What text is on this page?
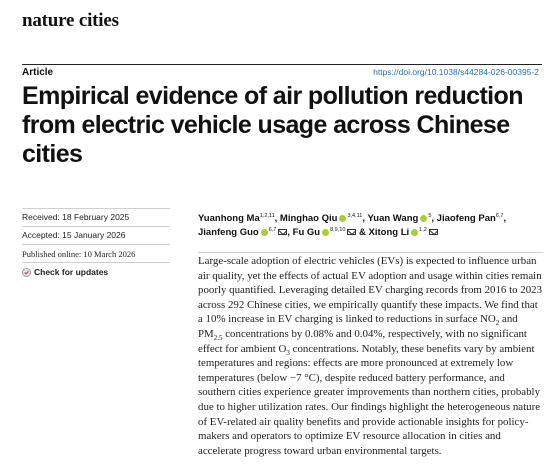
nature cities
Article	https://doi.org/10.1038/s44284-026-00395-2
Empirical evidence of air pollution reduction from electric vehicle usage across Chinese cities
Received: 18 February 2025
Accepted: 15 January 2026
Published online: 10 March 2026
Check for updates
Yuanhong Ma$^{1,2,11}$, Minghao Qiu $^{3,4,11}$, Yuan Wang $^5$, Jiaofeng Pan$^{6,7}$,
Jianfeng Guo $^{6,7}$ , Fu Gu $^{8,9,10}$ & Xitong Li $^{1,2}$

Large-scale adoption of electric vehicles (EVs) is expected to influence urban air quality, yet the effects of actual EV adoption and usage within cities remain poorly quantified. Leveraging detailed EV charging records from 2016 to 2023 across 292 Chinese cities, we empirically quantify these impacts. We find that a 10% increase in EV charging is linked to reductions in surface $NO_2$ and $PM_{2.5}$ concentrations by 0.08% and 0.04%, respectively, with no significant effect for ambient $O_3$ concentrations. Notably, these benefits vary by ambient temperatures and regions: effects are more pronounced at extremely low temperatures (below −7 °C), despite reduced battery performance, and southern cities experience greater improvements than northern cities, probably due to higher utilization rates. Our findings highlight the heterogeneous nature of EV-related air quality benefits and provide actionable insights for policy-makers and operators to optimize EV resource allocation in cities and accelerate progress toward urban environmental targets.
